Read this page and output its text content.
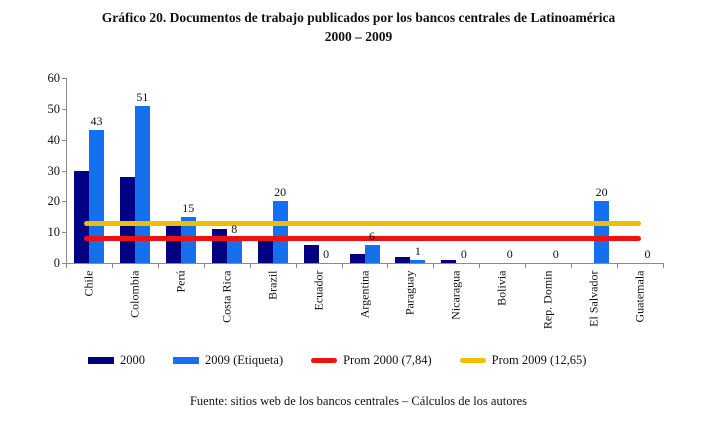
Gráfico 20. Documentos de trabajo publicados por los bancos centrales de Latinoamérica
2000 – 2009
2000	2009 (Etiqueta)	Prom 2000 (7,84)	Prom 2009 (12,65)
Fuente: sitios web de los bancos centrales – Cálculos de los autores
0
10
20
30
40
50
60
43
Chile
51
Colombia
15
Perú
8
Costa Rica
20
Brazil
0
Ecuador
6
Argentina
1
Paraguay
0
Nicaragua
0
Bolivia
0
Rep. Domin
20
El Salvador
0
Guatemala
